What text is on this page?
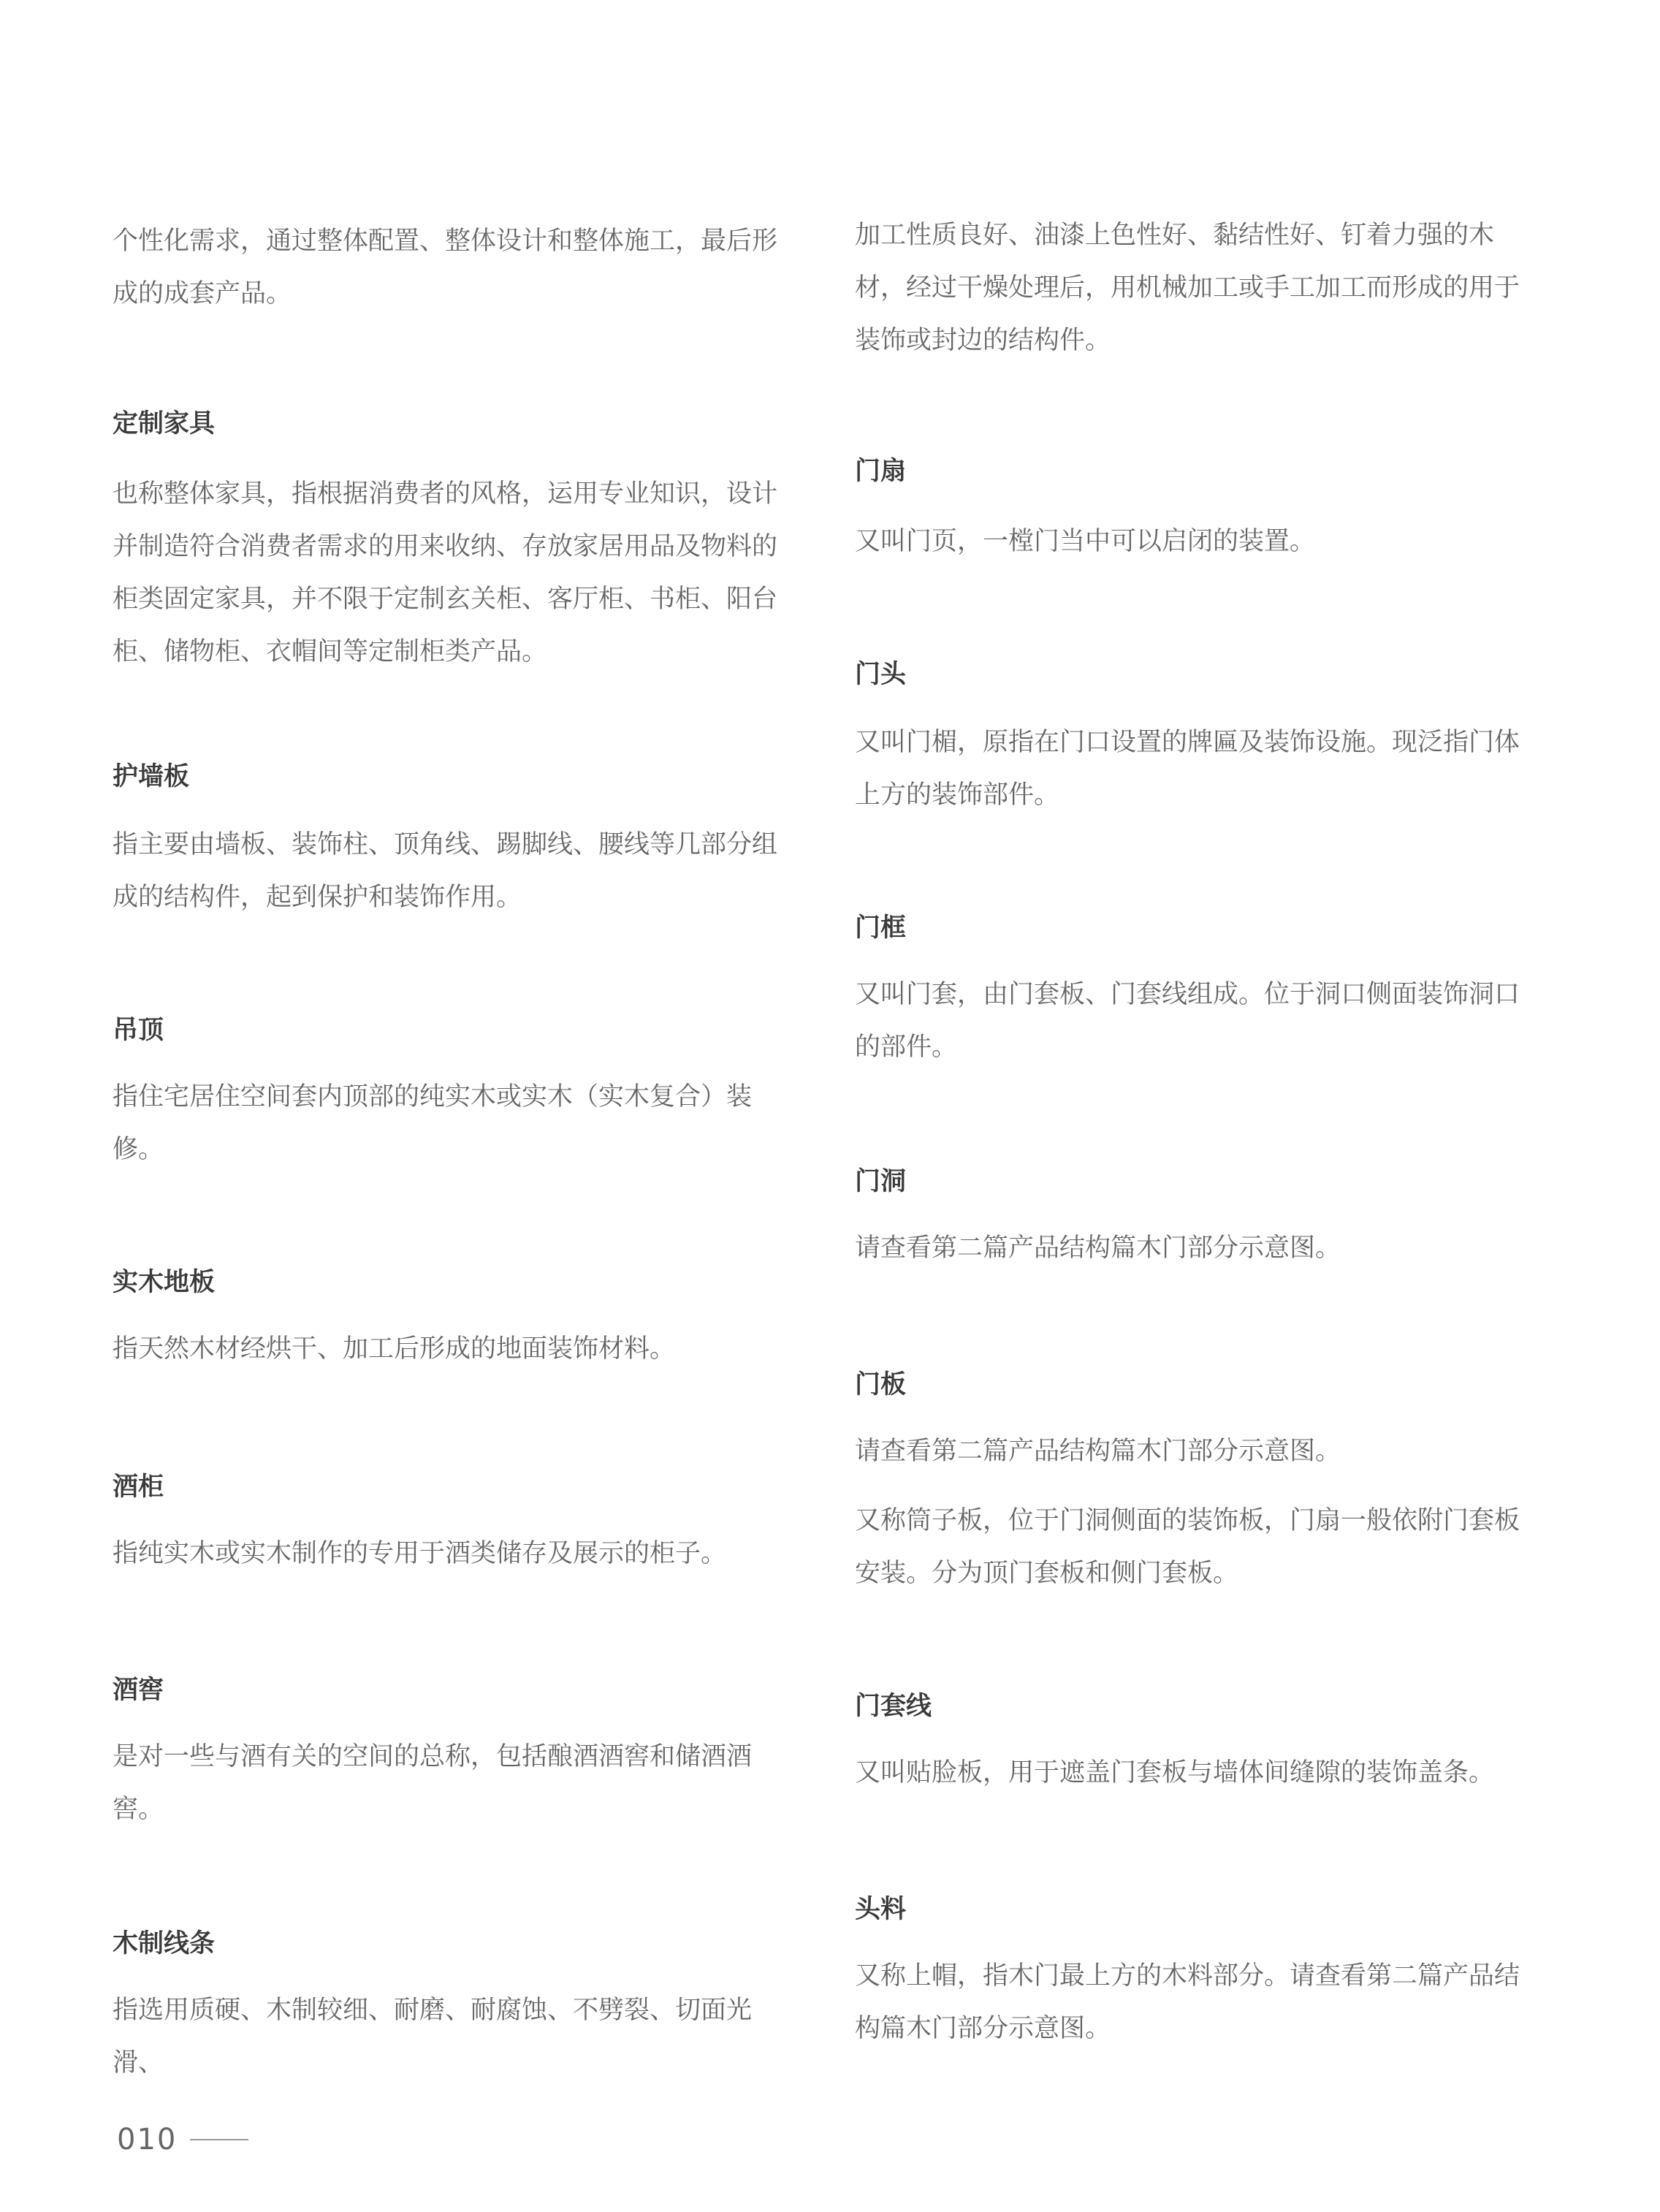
个性化需求，通过整体配置、整体设计和整体施工，最后形成的成套产品。

定制家具

也称整体家具，指根据消费者的风格，运用专业知识，设计并制造符合消费者需求的用来收纳、存放家居用品及物料的柜类固定家具，并不限于定制玄关柜、客厅柜、书柜、阳台柜、储物柜、衣帽间等定制柜类产品。

护墙板

指主要由墙板、装饰柱、顶角线、踢脚线、腰线等几部分组成的结构件，起到保护和装饰作用。

吊顶

指住宅居住空间套内顶部的纯实木或实木（实木复合）装修。

实木地板

指天然木材经烘干、加工后形成的地面装饰材料。

酒柜

指纯实木或实木制作的专用于酒类储存及展示的柜子。

酒窖

是对一些与酒有关的空间的总称，包括酿酒酒窖和储酒酒窖。

木制线条

指选用质硬、木制较细、耐磨、耐腐蚀、不劈裂、切面光滑、

加工性质良好、油漆上色性好、黏结性好、钉着力强的木材，经过干燥处理后，用机械加工或手工加工而形成的用于装饰或封边的结构件。

门扇

又叫门页，一樘门当中可以启闭的装置。

门头

又叫门楣，原指在门口设置的牌匾及装饰设施。现泛指门体上方的装饰部件。

门框

又叫门套，由门套板、门套线组成。位于洞口侧面装饰洞口的部件。

门洞

请查看第二篇产品结构篇木门部分示意图。

门板

请查看第二篇产品结构篇木门部分示意图。

又称筒子板，位于门洞侧面的装饰板，门扇一般依附门套板安装。分为顶门套板和侧门套板。

门套线

又叫贴脸板，用于遮盖门套板与墙体间缝隙的装饰盖条。

头料

又称上帽，指木门最上方的木料部分。请查看第二篇产品结构篇木门部分示意图。

010
